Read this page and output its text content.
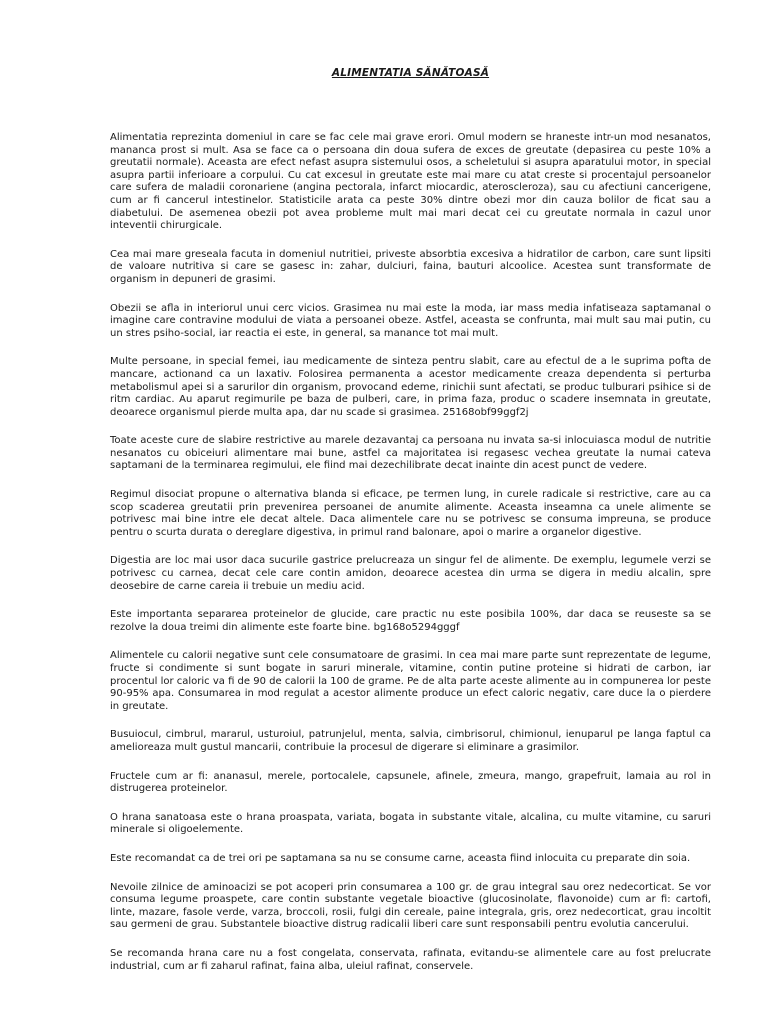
ALIMENTATIA SĂNĂTOASĂ

Alimentatia reprezinta domeniul in care se fac cele mai grave erori. Omul modern se hraneste intr-un mod nesanatos, mananca prost si mult. Asa se face ca o persoana din doua sufera de exces de greutate (depasirea cu peste 10% a greutatii normale). Aceasta are efect nefast asupra sistemului osos, a scheletului si asupra aparatului motor, in special asupra partii inferioare a corpului. Cu cat excesul in greutate este mai mare cu atat creste si procentajul persoanelor care sufera de maladii coronariene (angina pectorala, infarct miocardic, ateroscleroza), sau cu afectiuni cancerigene, cum ar fi cancerul intestinelor. Statisticile arata ca peste 30% dintre obezi mor din cauza bolilor de ficat sau a diabetului. De asemenea obezii pot avea probleme mult mai mari decat cei cu greutate normala in cazul unor inteventii chirurgicale.

Cea mai mare greseala facuta in domeniul nutritiei, priveste absorbtia excesiva a hidratilor de carbon, care sunt lipsiti de valoare nutritiva si care se gasesc in: zahar, dulciuri, faina, bauturi alcoolice. Acestea sunt transformate de organism in depuneri de grasimi.

Obezii se afla in interiorul unui cerc vicios. Grasimea nu mai este la moda, iar mass media infatiseaza saptamanal o imagine care contravine modului de viata a persoanei obeze. Astfel, aceasta se confrunta, mai mult sau mai putin, cu un stres psiho-social, iar reactia ei este, in general, sa manance tot mai mult.

Multe persoane, in special femei, iau medicamente de sinteza pentru slabit, care au efectul de a le suprima pofta de mancare, actionand ca un laxativ. Folosirea permanenta a acestor medicamente creaza dependenta si perturba metabolismul apei si a sarurilor din organism, provocand edeme, rinichii sunt afectati, se produc tulburari psihice si de ritm cardiac. Au aparut regimurile pe baza de pulberi, care, in prima faza, produc o scadere insemnata in greutate, deoarece organismul pierde multa apa, dar nu scade si grasimea. 25168obf99ggf2j

Toate aceste cure de slabire restrictive au marele dezavantaj ca persoana nu invata sa-si inlocuiasca modul de nutritie nesanatos cu obiceiuri alimentare mai bune, astfel ca majoritatea isi regasesc vechea greutate la numai cateva saptamani de la terminarea regimului, ele fiind mai dezechilibrate decat inainte din acest punct de vedere.

Regimul disociat propune o alternativa blanda si eficace, pe termen lung, in curele radicale si restrictive, care au ca scop scaderea greutatii prin prevenirea persoanei de anumite alimente. Aceasta inseamna ca unele alimente se potrivesc mai bine intre ele decat altele. Daca alimentele care nu se potrivesc se consuma impreuna, se produce pentru o scurta durata o dereglare digestiva, in primul rand balonare, apoi o marire a organelor digestive.

Digestia are loc mai usor daca sucurile gastrice prelucreaza un singur fel de alimente. De exemplu, legumele verzi se potrivesc cu carnea, decat cele care contin amidon, deoarece acestea din urma se digera in mediu alcalin, spre deosebire de carne careia ii trebuie un mediu acid.

Este importanta separarea proteinelor de glucide, care practic nu este posibila 100%, dar daca se reuseste sa se rezolve la doua treimi din alimente este foarte bine. bg168o5294gggf

Alimentele cu calorii negative sunt cele consumatoare de grasimi. In cea mai mare parte sunt reprezentate de legume, fructe si condimente si sunt bogate in saruri minerale, vitamine, contin putine proteine si hidrati de carbon, iar procentul lor caloric va fi de 90 de calorii la 100 de grame. Pe de alta parte aceste alimente au in compunerea lor peste 90-95% apa. Consumarea in mod regulat a acestor alimente produce un efect caloric negativ, care duce la o pierdere in greutate.

Busuiocul, cimbrul, mararul, usturoiul, patrunjelul, menta, salvia, cimbrisorul, chimionul, ienuparul pe langa faptul ca amelioreaza mult gustul mancarii, contribuie la procesul de digerare si eliminare a grasimilor.

Fructele cum ar fi: ananasul, merele, portocalele, capsunele, afinele, zmeura, mango, grapefruit, lamaia au rol in distrugerea proteinelor.

O hrana sanatoasa este o hrana proaspata, variata, bogata in substante vitale, alcalina, cu multe vitamine, cu saruri minerale si oligoelemente.

Este recomandat ca de trei ori pe saptamana sa nu se consume carne, aceasta fiind inlocuita cu preparate din soia.

Nevoile zilnice de aminoacizi se pot acoperi prin consumarea a 100 gr. de grau integral sau orez nedecorticat. Se vor consuma legume proaspete, care contin substante vegetale bioactive (glucosinolate, flavonoide) cum ar fi: cartofi, linte, mazare, fasole verde, varza, broccoli, rosii, fulgi din cereale, paine integrala, gris, orez nedecorticat, grau incoltit sau germeni de grau. Substantele bioactive distrug radicalii liberi care sunt responsabili pentru evolutia cancerului.

Se recomanda hrana care nu a fost congelata, conservata, rafinata, evitandu-se alimentele care au fost prelucrate industrial, cum ar fi zaharul rafinat, faina alba, uleiul rafinat, conservele.
